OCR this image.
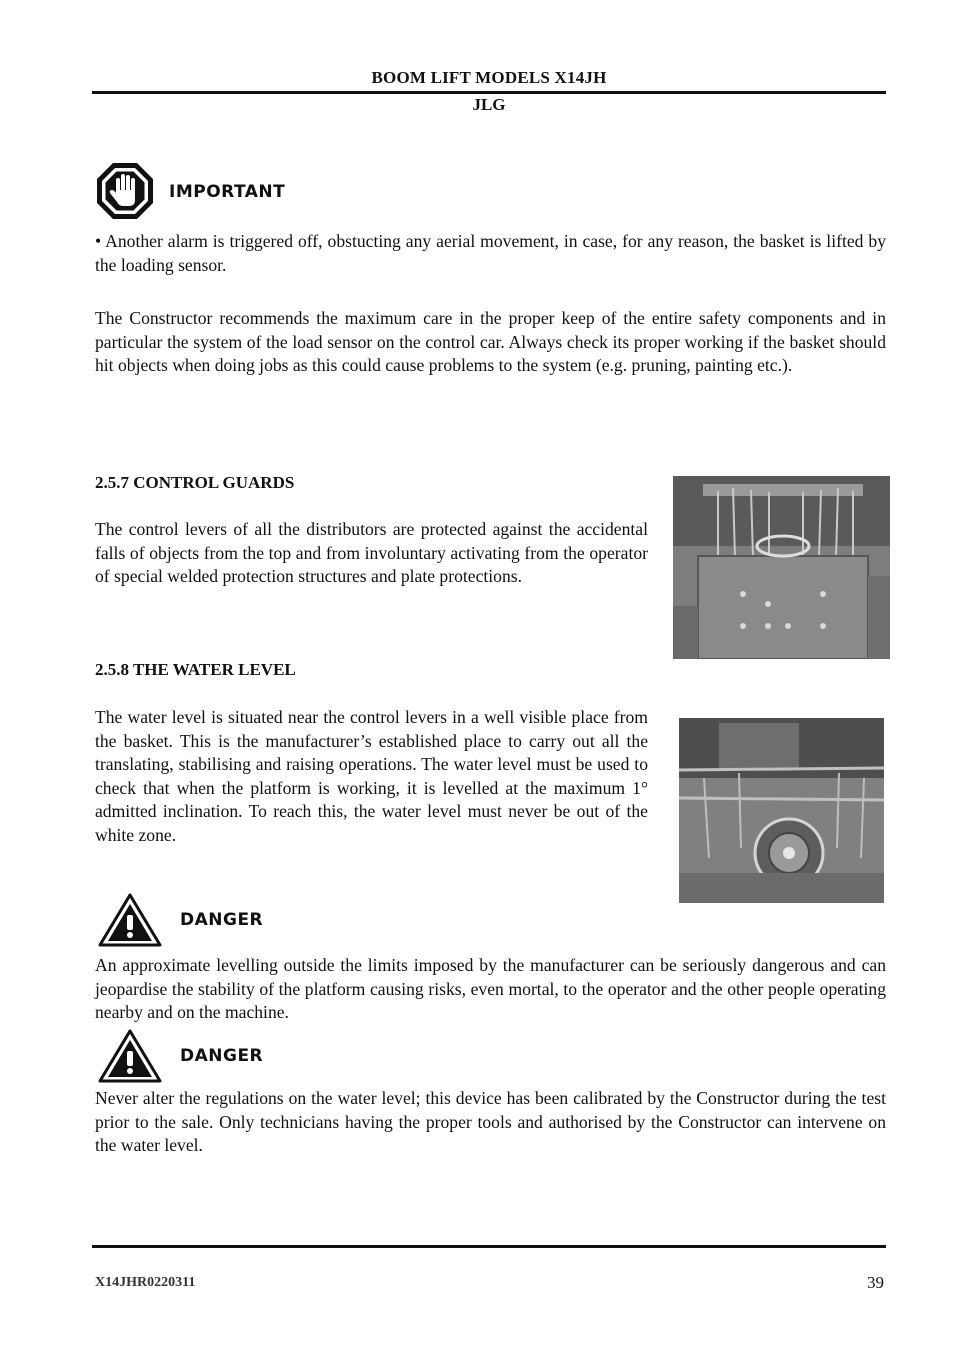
BOOM LIFT MODELS X14JH
JLG
IMPORTANT
• Another alarm is triggered off, obstucting any aerial movement, in case, for any reason, the basket is lifted by the loading sensor.
The Constructor recommends the maximum care in the proper keep of the entire safety components and in particular the system of the load sensor on the control car. Always check its proper working if the basket should hit objects when doing jobs as this could cause problems to the system (e.g. pruning, painting etc.).
2.5.7 CONTROL GUARDS
The control levers of all the distributors are protected against the accidental falls of objects from the top and from involuntary activating from the operator of special welded protection structures and plate protections.
2.5.8 THE WATER LEVEL
The water level is situated near the control levers in a well visible place from the basket. This is the manufacturer’s established place to carry out all the translating, stabilising and raising operations. The water level must be used to check that when the platform is working, it is levelled at the maximum 1° admitted inclination. To reach this, the water level must never be out of the white zone.
DANGER
An approximate levelling outside the limits imposed by the manufacturer can be seriously dangerous and can jeopardise the stability of the platform causing risks, even mortal, to the operator and the other people operating nearby and on the machine.
DANGER
Never alter the regulations on the water level; this device has been calibrated by the Constructor during the test prior to the sale. Only technicians having the proper tools and authorised by the Constructor can intervene on the water level.
X14JHR0220311	39
